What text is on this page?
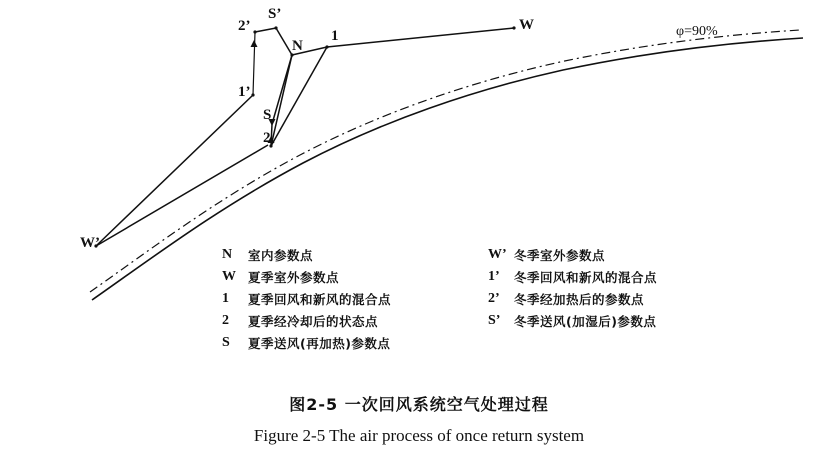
W
S’
2’
N
1
1’
S
2
W’
φ=90%
N	室内参数点	W’ 冬季室外参数点
W 夏季室外参数点	1’	冬季回风和新风的混合点
1	夏季回风和新风的混合点	2’	冬季经加热后的参数点
2	夏季经冷却后的状态点	S’	冬季送风(加湿后)参数点
S	夏季送风(再加热)参数点
图2-5 一次回风系统空气处理过程
Figure 2-5 The air process of once return system
